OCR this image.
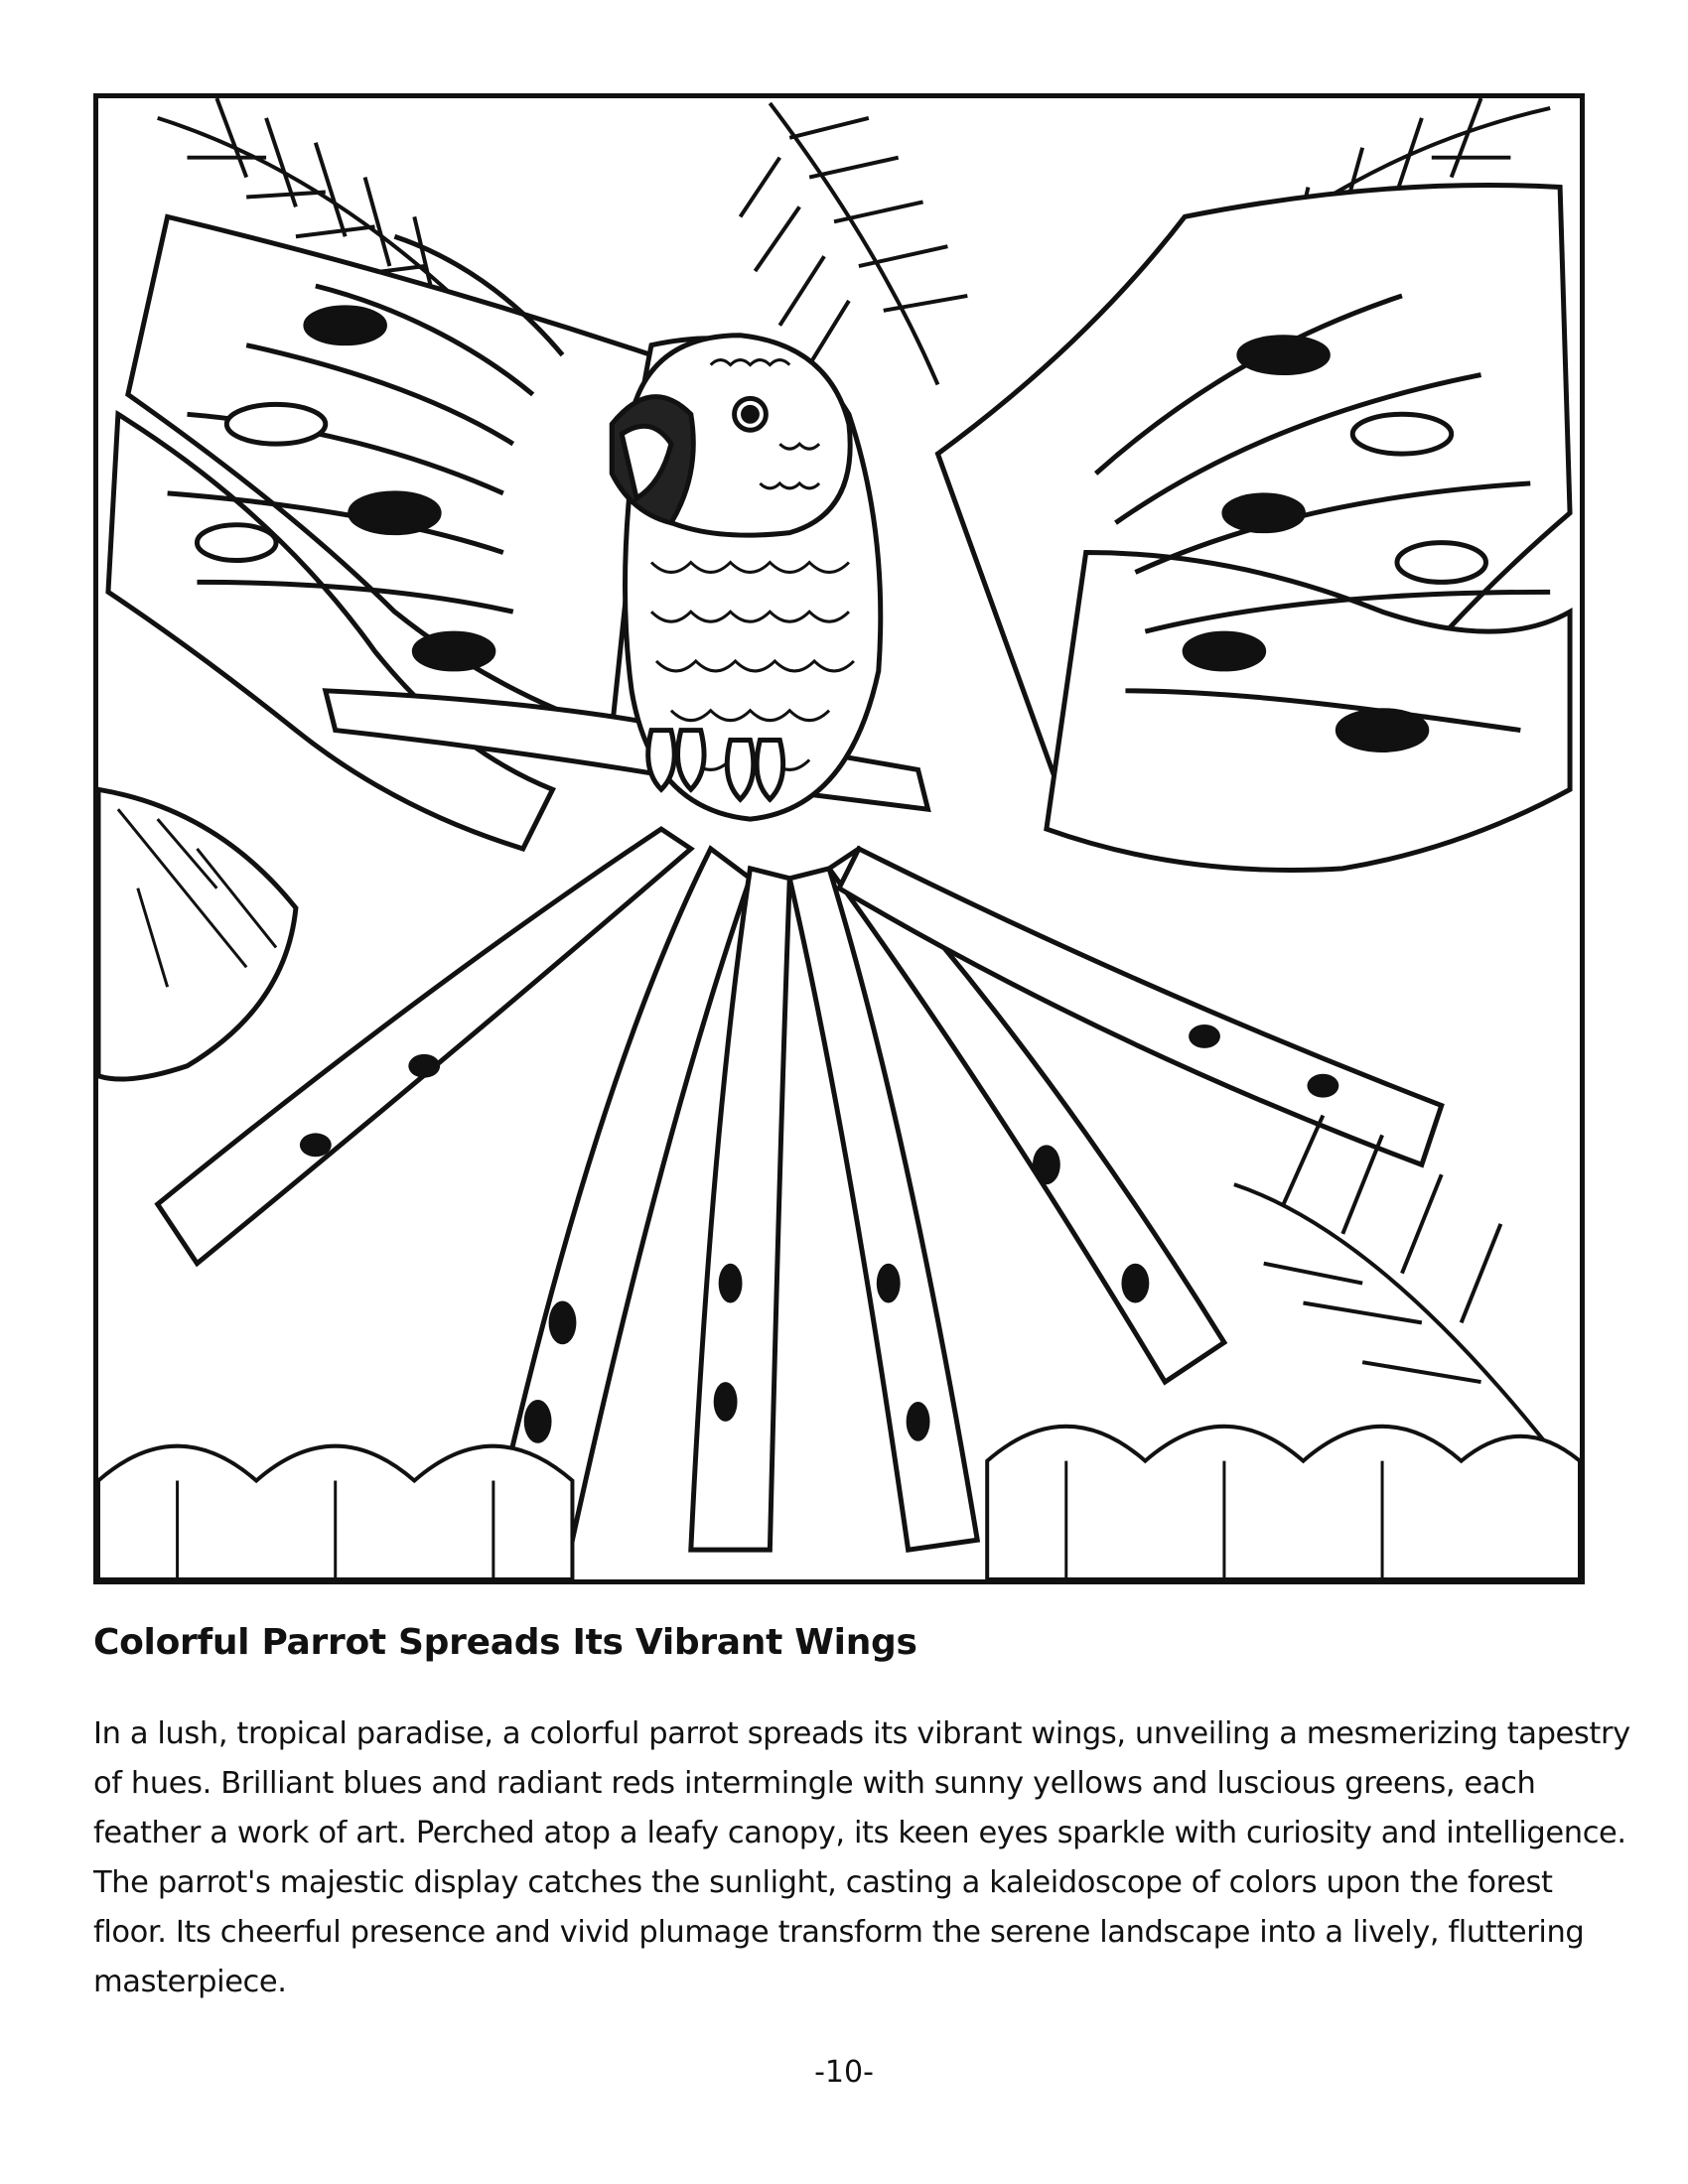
Colorful Parrot Spreads Its Vibrant Wings

In a lush, tropical paradise, a colorful parrot spreads its vibrant wings, unveiling a mesmerizing tapestry
of hues. Brilliant blues and radiant reds intermingle with sunny yellows and luscious greens, each
feather a work of art. Perched atop a leafy canopy, its keen eyes sparkle with curiosity and intelligence.
The parrot's majestic display catches the sunlight, casting a kaleidoscope of colors upon the forest
floor. Its cheerful presence and vivid plumage transform the serene landscape into a lively, fluttering
masterpiece.

-10-
